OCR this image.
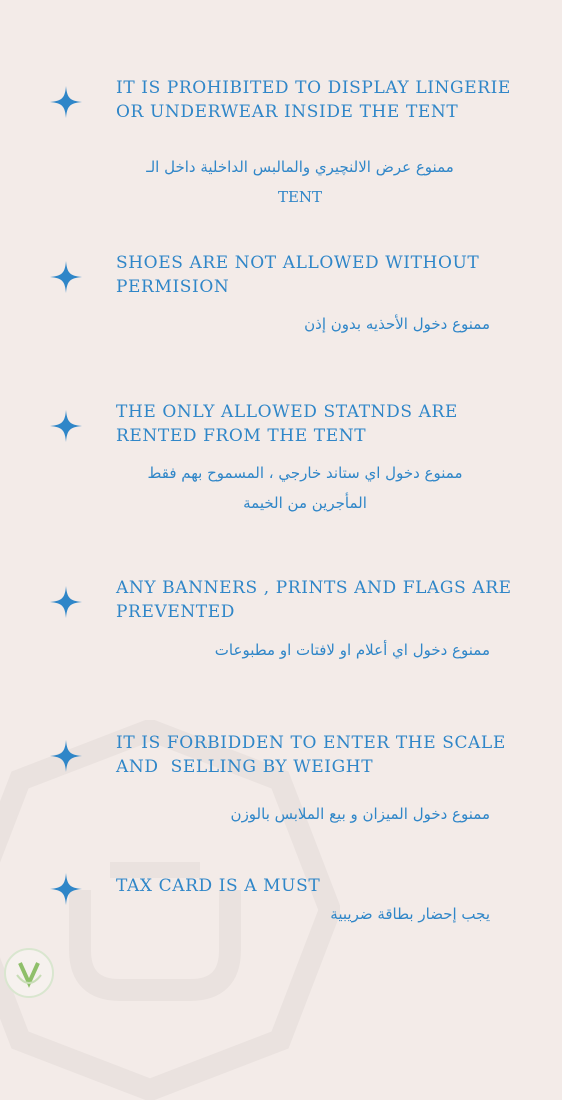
IT IS PROHIBITED TO DISPLAY LINGERIE
OR UNDERWEAR INSIDE THE TENT
ممنوع عرض الالنچيري والمالبس الداخلية داخل الـ
TENT
SHOES ARE NOT ALLOWED WITHOUT
PERMISION
ممنوع دخول الأحذيه بدون إذن
THE ONLY ALLOWED STATNDS ARE
RENTED FROM THE TENT
ممنوع دخول اي ستاند خارجي ، المسموح بهم فقط
المأجرين من الخيمة
ANY BANNERS , PRINTS AND FLAGS ARE
PREVENTED
ممنوع دخول اي أعلام او لافتات او مطبوعات
IT IS FORBIDDEN TO ENTER THE SCALE
AND  SELLING BY WEIGHT
ممنوع دخول الميزان و بيع الملابس بالوزن
TAX CARD IS A MUST
يجب إحضار بطاقة ضريبية
